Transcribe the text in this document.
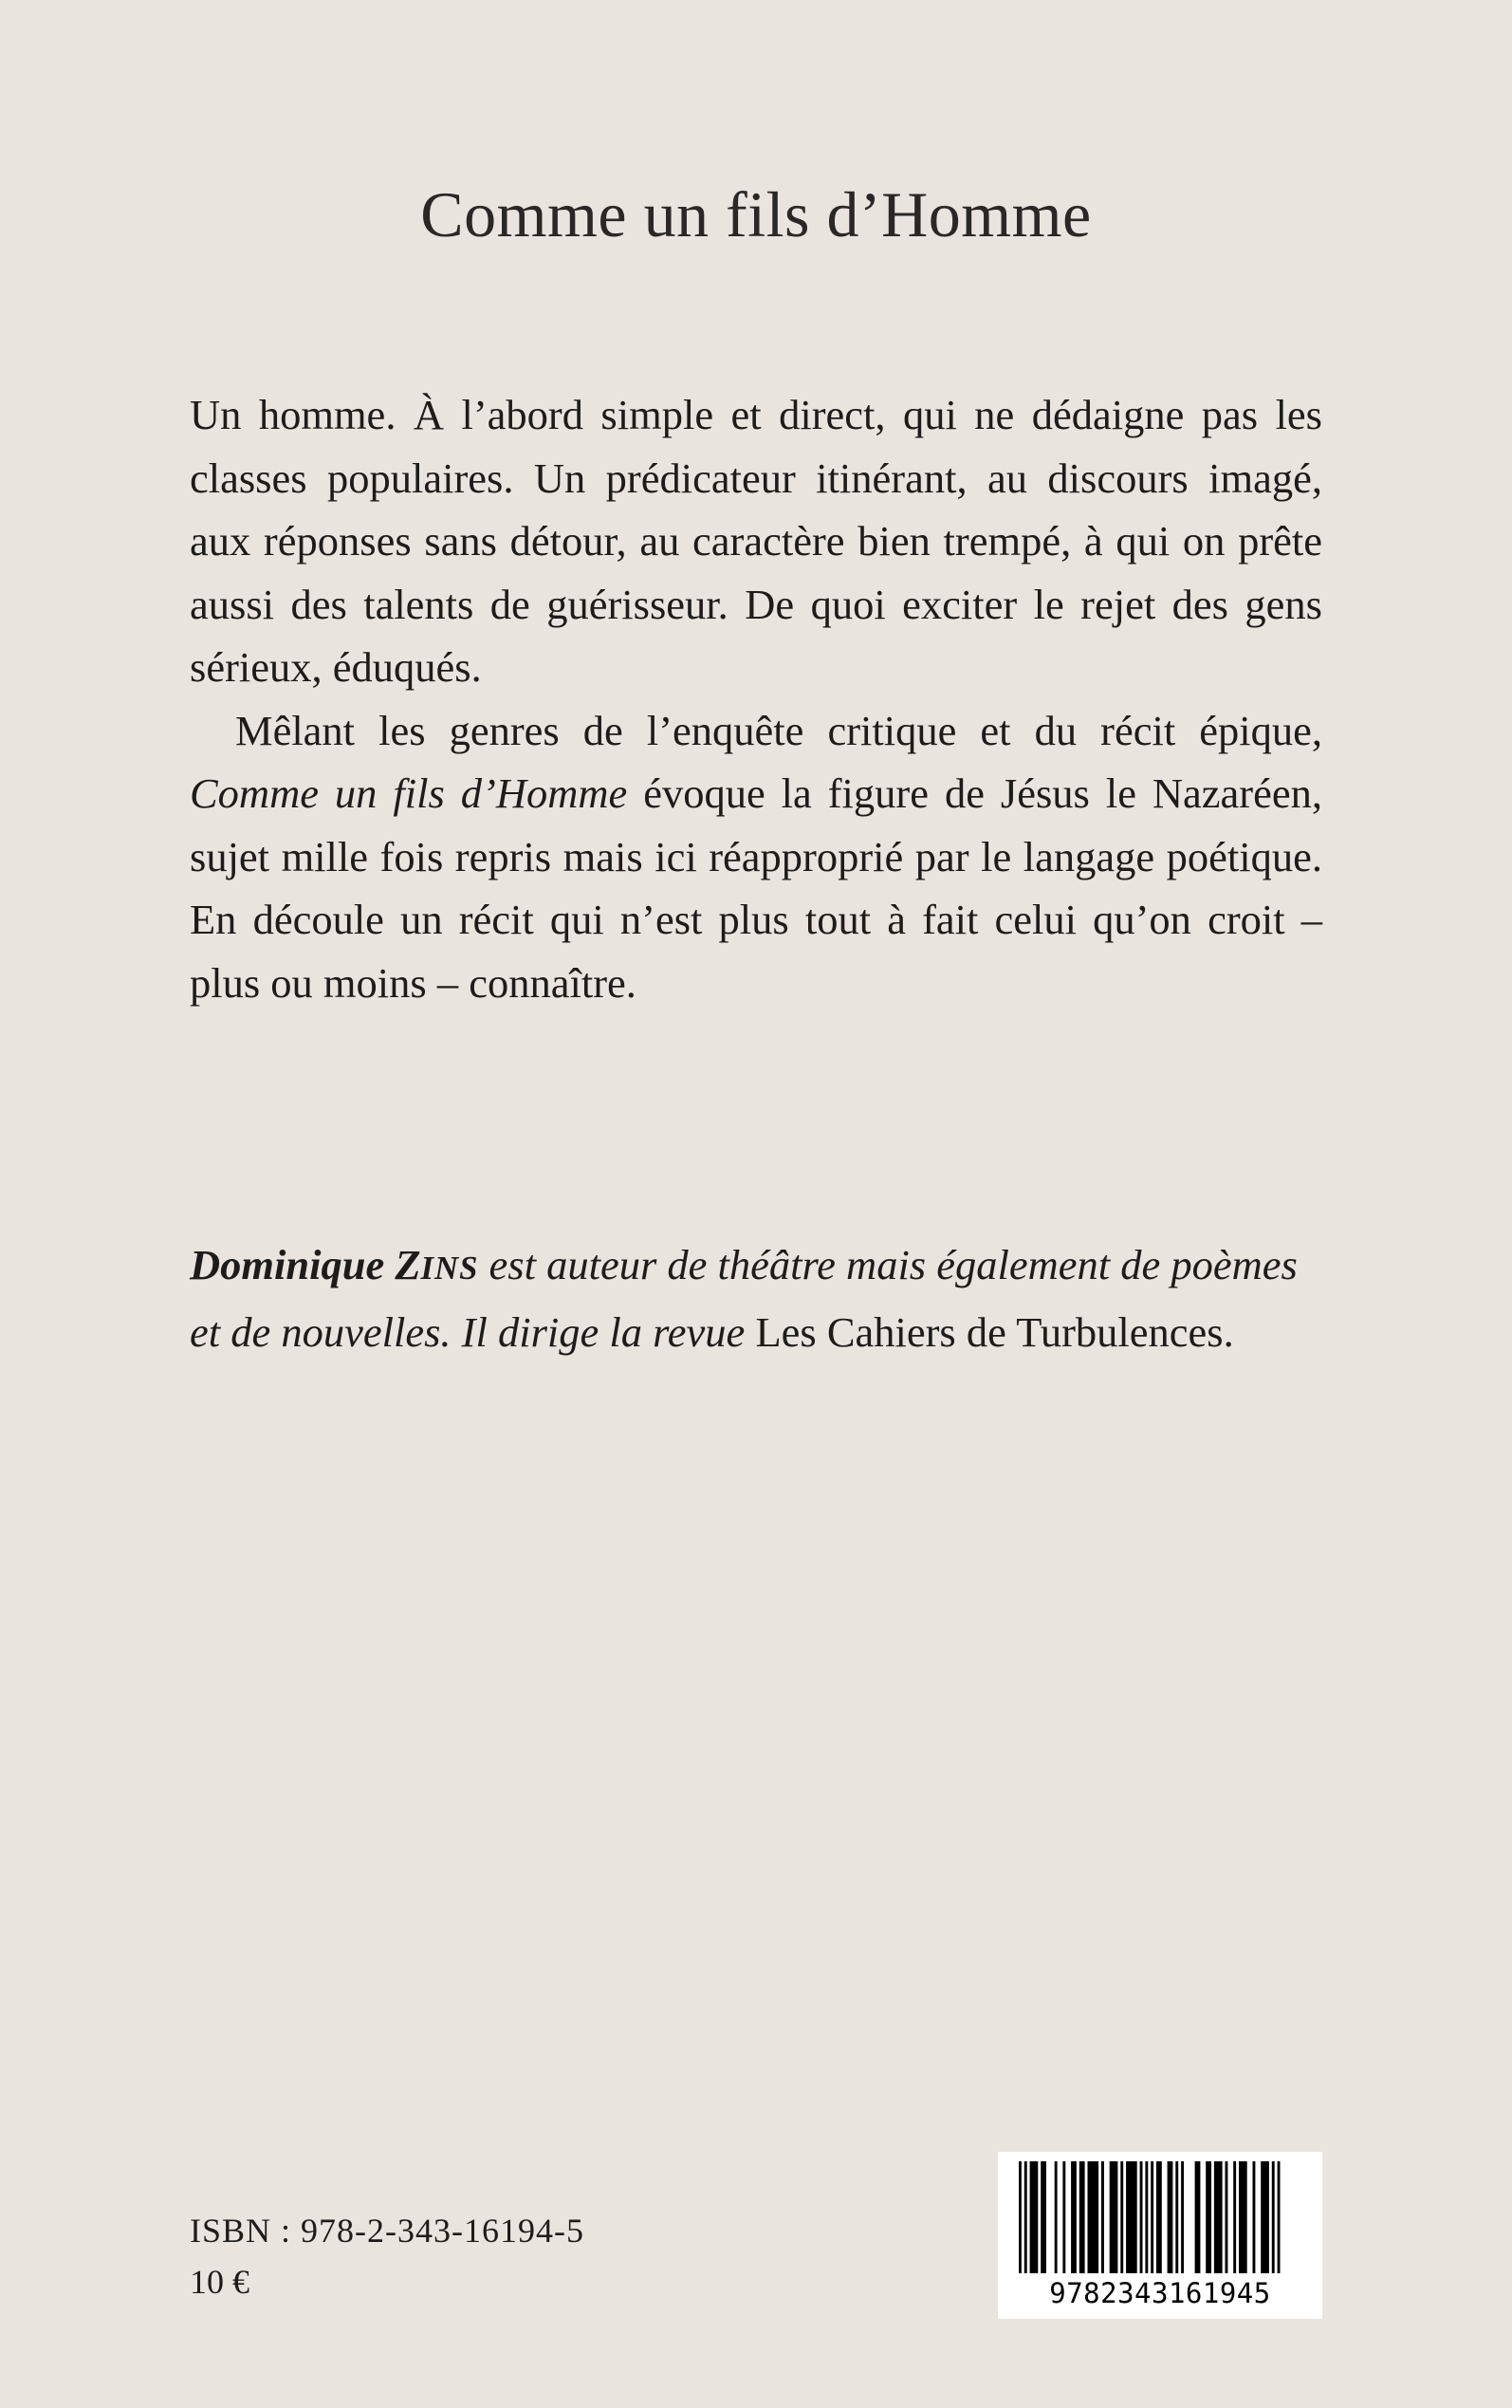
Comme un fils d’Homme

Un homme. À l’abord simple et direct, qui ne dédaigne pas les classes populaires. Un prédicateur itinérant, au discours imagé, aux réponses sans détour, au caractère bien trempé, à qui on prête aussi des talents de guérisseur. De quoi exciter le rejet des gens sérieux, éduqués.

Mêlant les genres de l’enquête critique et du récit épique, Comme un fils d’Homme évoque la figure de Jésus le Nazaréen, sujet mille fois repris mais ici réapproprié par le langage poétique. En découle un récit qui n’est plus tout à fait celui qu’on croit – plus ou moins – connaître.

Dominique ZINS est auteur de théâtre mais également de poèmes et de nouvelles. Il dirige la revue Les Cahiers de Turbulences.
ISBN : 978-2-343-16194-5
10 €	9782343161945
